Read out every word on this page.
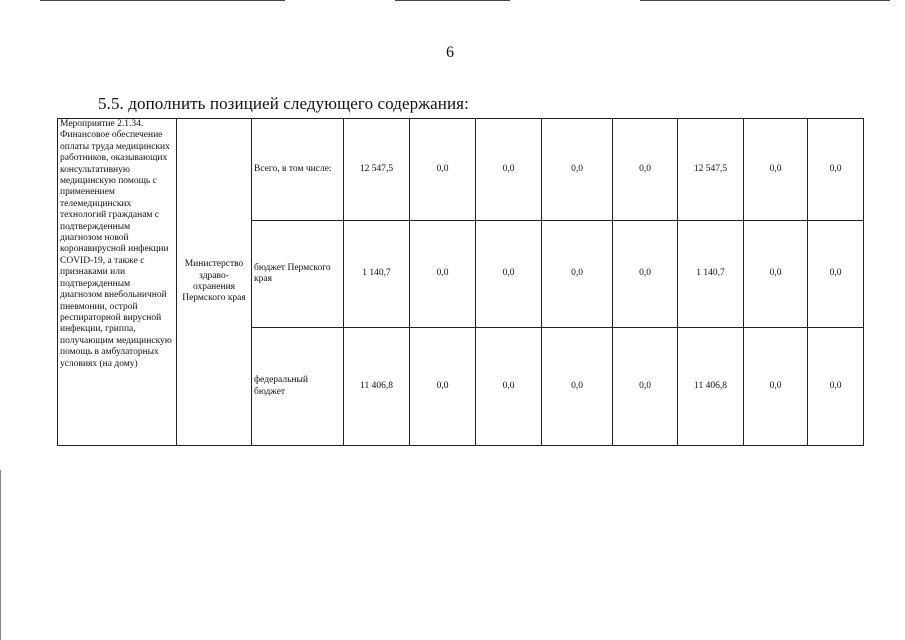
6
5.5. дополнить позицией следующего содержания:
Мероприятие 2.1.34. Финансовое обеспечение оплаты труда медицинских работников, оказывающих консультативную медицинскую помощь с применением телемедицинских технологий гражданам с подтвержденным диагнозом новой коронавирусной инфекции COVID-19, а также с признаками или подтвержденным диагнозом внебольничной пневмонии, острой респираторной вирусной инфекции, гриппа, получающим медицинскую помощь в амбулаторных условиях (на дому)	Министерство здраво-охранения Пермского края	Всего, в том числе:	12 547,5	0,0	0,0	0,0	0,0	12 547,5	0,0	0,0
		бюджет Пермского края	1 140,7	0,0	0,0	0,0	0,0	1 140,7	0,0	0,0
		федеральный бюджет	11 406,8	0,0	0,0	0,0	0,0	11 406,8	0,0	0,0
